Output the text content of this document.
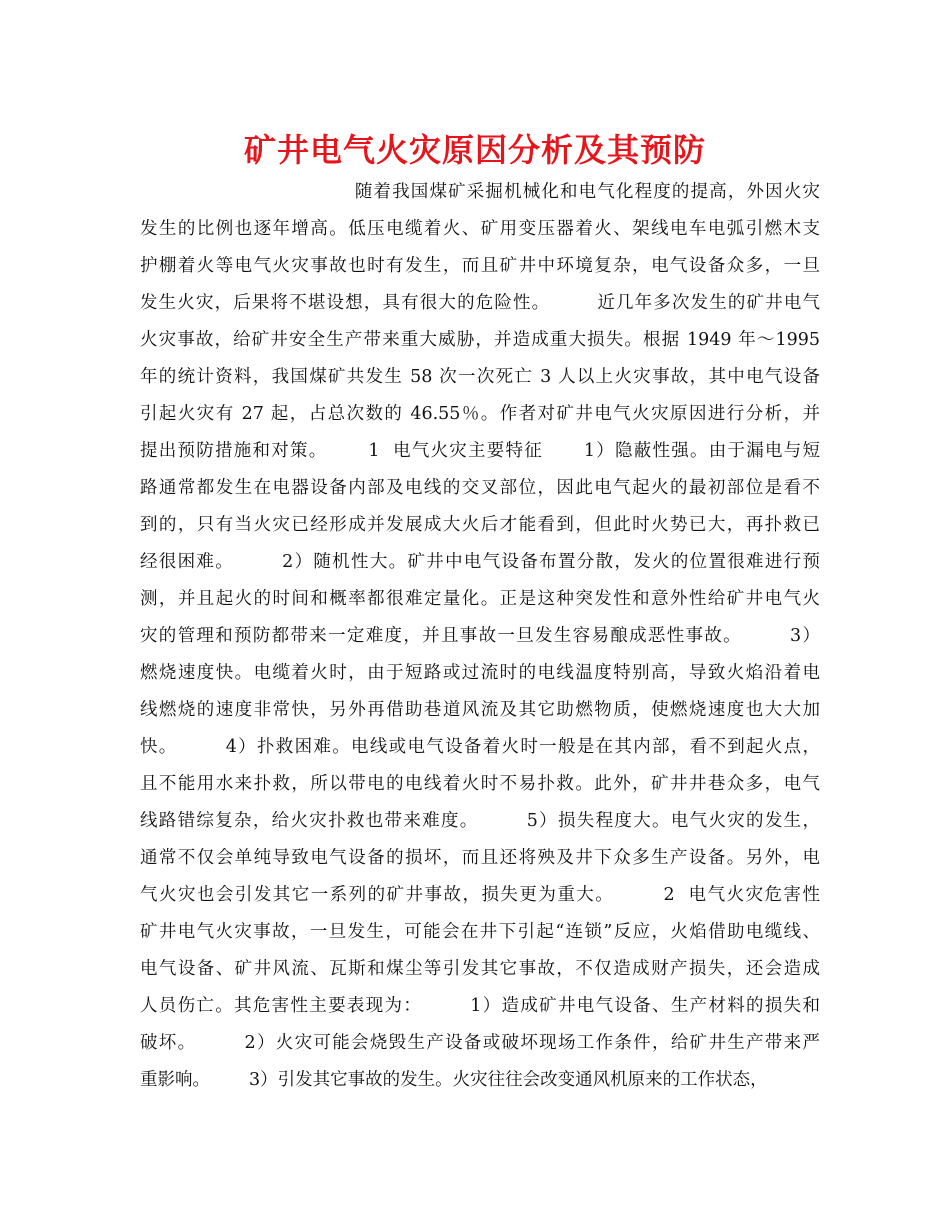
矿井电气火灾原因分析及其预防
随着我国煤矿采掘机械化和电气化程度的提高，外因火灾
发生的比例也逐年增高。低压电缆着火、矿用变压器着火、架线电车电弧引燃木支
护棚着火等电气火灾事故也时有发生，而且矿井中环境复杂，电气设备众多，一旦
发生火灾，后果将不堪设想，具有很大的危险性。       近几年多次发生的矿井电气
火灾事故，给矿井安全生产带来重大威胁，并造成重大损失。根据 1949 年～1995
年的统计资料，我国煤矿共发生 58 次一次死亡 3 人以上火灾事故，其中电气设备
引起火灾有 27 起，占总次数的 46.55％。作者对矿井电气火灾原因进行分析，并
提出预防措施和对策。      1  电气火灾主要特征      1）隐蔽性强。由于漏电与短
路通常都发生在电器设备内部及电线的交叉部位，因此电气起火的最初部位是看不
到的，只有当火灾已经形成并发展成大火后才能看到，但此时火势已大，再扑救已
经很困难。       2）随机性大。矿井中电气设备布置分散，发火的位置很难进行预
测，并且起火的时间和概率都很难定量化。正是这种突发性和意外性给矿井电气火
灾的管理和预防都带来一定难度，并且事故一旦发生容易酿成恶性事故。       3）
燃烧速度快。电缆着火时，由于短路或过流时的电线温度特别高，导致火焰沿着电
线燃烧的速度非常快，另外再借助巷道风流及其它助燃物质，使燃烧速度也大大加
快。       4）扑救困难。电线或电气设备着火时一般是在其内部，看不到起火点，
且不能用水来扑救，所以带电的电线着火时不易扑救。此外，矿井井巷众多，电气
线路错综复杂，给火灾扑救也带来难度。       5）损失程度大。电气火灾的发生，
通常不仅会单纯导致电气设备的损坏，而且还将殃及井下众多生产设备。另外，电
气火灾也会引发其它一系列的矿井事故，损失更为重大。       2  电气火灾危害性
矿井电气火灾事故，一旦发生，可能会在井下引起“连锁”反应，火焰借助电缆线、
电气设备、矿井风流、瓦斯和煤尘等引发其它事故，不仅造成财产损失，还会造成
人员伤亡。其危害性主要表现为：       1）造成矿井电气设备、生产材料的损失和
破坏。       2）火灾可能会烧毁生产设备或破坏现场工作条件，给矿井生产带来严
重影响。       3）引发其它事故的发生。火灾往往会改变通风机原来的工作状态，
